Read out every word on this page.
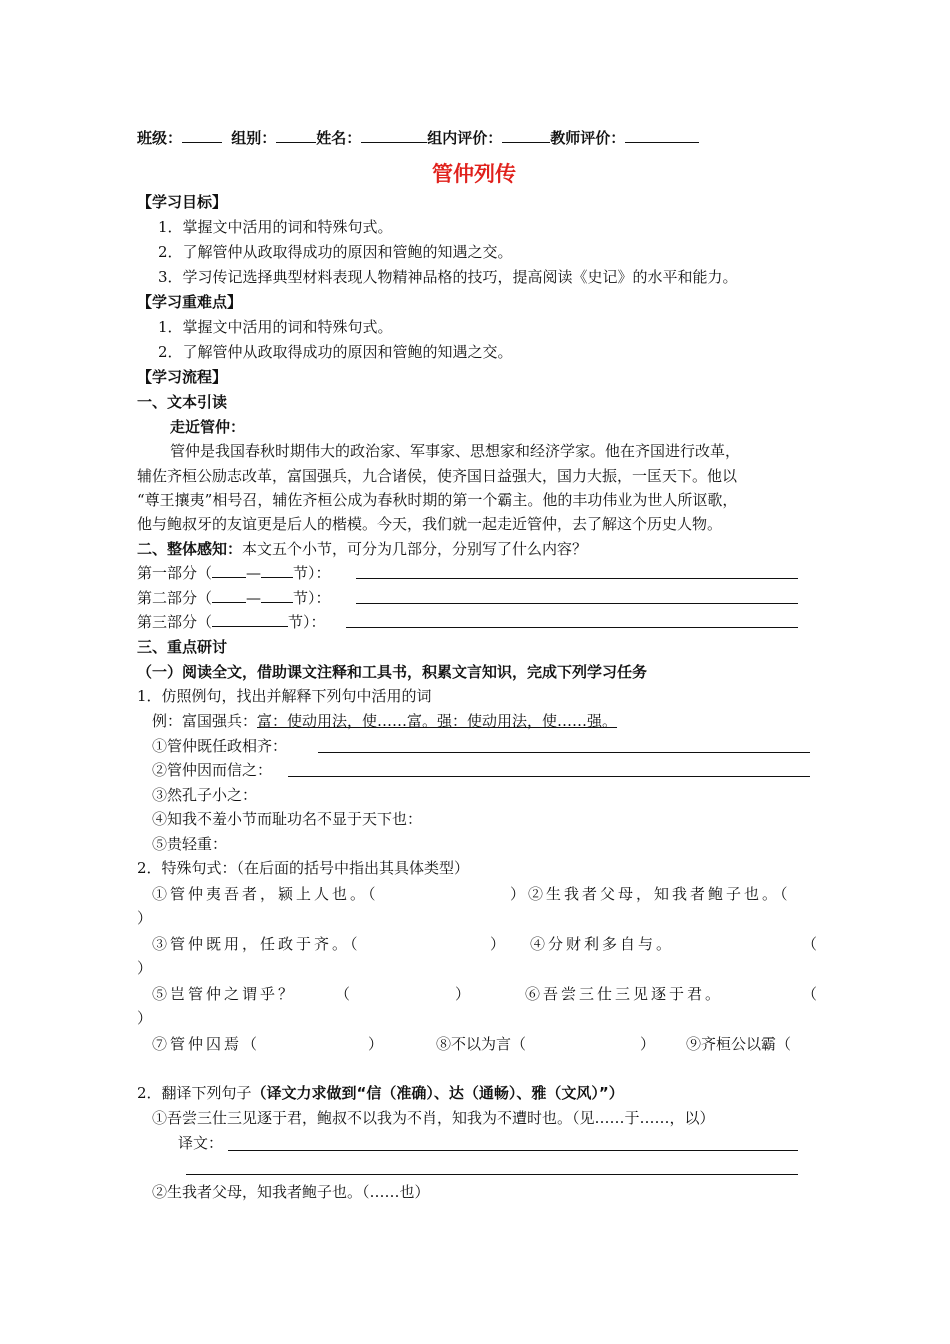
班级：	组别：	姓名：	组内评价：	教师评价：
管仲列传
【学习目标】
1．掌握文中活用的词和特殊句式。
2．了解管仲从政取得成功的原因和管鲍的知遇之交。
3．学习传记选择典型材料表现人物精神品格的技巧，提高阅读《史记》的水平和能力。
【学习重难点】
1．掌握文中活用的词和特殊句式。
2．了解管仲从政取得成功的原因和管鲍的知遇之交。
【学习流程】
一、文本引读
走近管仲：
管仲是我国春秋时期伟大的政治家、军事家、思想家和经济学家。他在齐国进行改革，
辅佐齐桓公励志改革，富国强兵，九合诸侯，使齐国日益强大，国力大振，一匡天下。他以
“尊王攘夷”相号召，辅佐齐桓公成为春秋时期的第一个霸主。他的丰功伟业为世人所讴歌，
他与鲍叔牙的友谊更是后人的楷模。今天，我们就一起走近管仲，去了解这个历史人物。
二、整体感知：本文五个小节，可分为几部分，分别写了什么内容？
第一部分（ — 节）：
第二部分（ — 节）：
第三部分（	节）：
三、重点研讨
（一）阅读全文，借助课文注释和工具书，积累文言知识，完成下列学习任务
1．仿照例句，找出并解释下列句中活用的词
例：富国强兵：富：使动用法，使……富。强：使动用法，使……强。
①管仲既任政相齐：
②管仲因而信之：
③然孔子小之：
④知我不羞小节而耻功名不显于天下也：
⑤贵轻重：
2．特殊句式：（在后面的括号中指出其具体类型）
①管仲夷吾者，颍上人也。（	）②生我者父母，知我者鲍子也。（
）
③管仲既用，任政于齐。（	） ④分财利多自与。	（
）
⑤岂管仲之谓乎？	（	）	⑥吾尝三仕三见逐于君。	（
）
⑦管仲囚焉（	）	⑧不以为言（	） ⑨齐桓公以霸（
2．翻译下列句子（译文力求做到“信（准确）、达（通畅）、雅（文风）”）
①吾尝三仕三见逐于君，鲍叔不以我为不肖，知我为不遭时也。（见……于……，以）
译文：
②生我者父母，知我者鲍子也。（……也）
